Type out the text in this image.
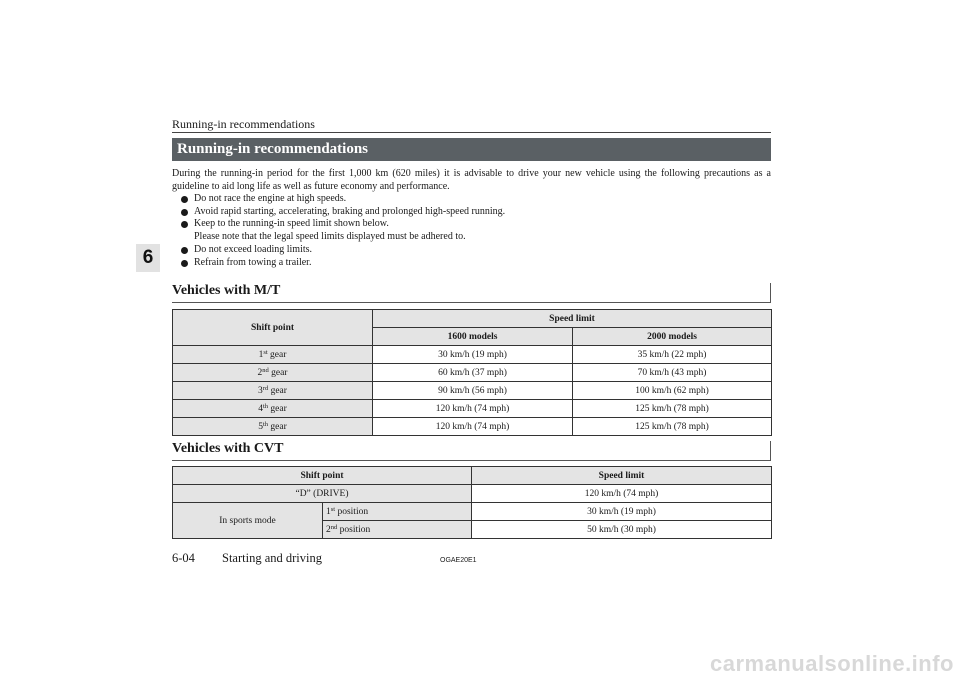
Running-in recommendations
6
Running-in recommendations

During the running-in period for the first 1,000 km (620 miles) it is advisable to drive your new vehicle using the following precautions as a guideline to aid long life as well as future economy and performance.

Do not race the engine at high speeds.
Avoid rapid starting, accelerating, braking and prolonged high-speed running.
Keep to the running-in speed limit shown below.
Please note that the legal speed limits displayed must be adhered to.
Do not exceed loading limits.
Refrain from towing a trailer.
Vehicles with M/T
Shift point	Speed limit	
	1600 models	2000 models
1st gear	30 km/h (19 mph)	35 km/h (22 mph)
2nd gear	60 km/h (37 mph)	70 km/h (43 mph)
3rd gear	90 km/h (56 mph)	100 km/h (62 mph)
4th gear	120 km/h (74 mph)	125 km/h (78 mph)
5th gear	120 km/h (74 mph)	125 km/h (78 mph)
Vehicles with CVT
Shift point		Speed limit
“D” (DRIVE)		120 km/h (74 mph)
In sports mode	1st position	30 km/h (19 mph)
	2nd position	50 km/h (30 mph)
6-04 Starting and driving	OGAE20E1
carmanualsonline.info
